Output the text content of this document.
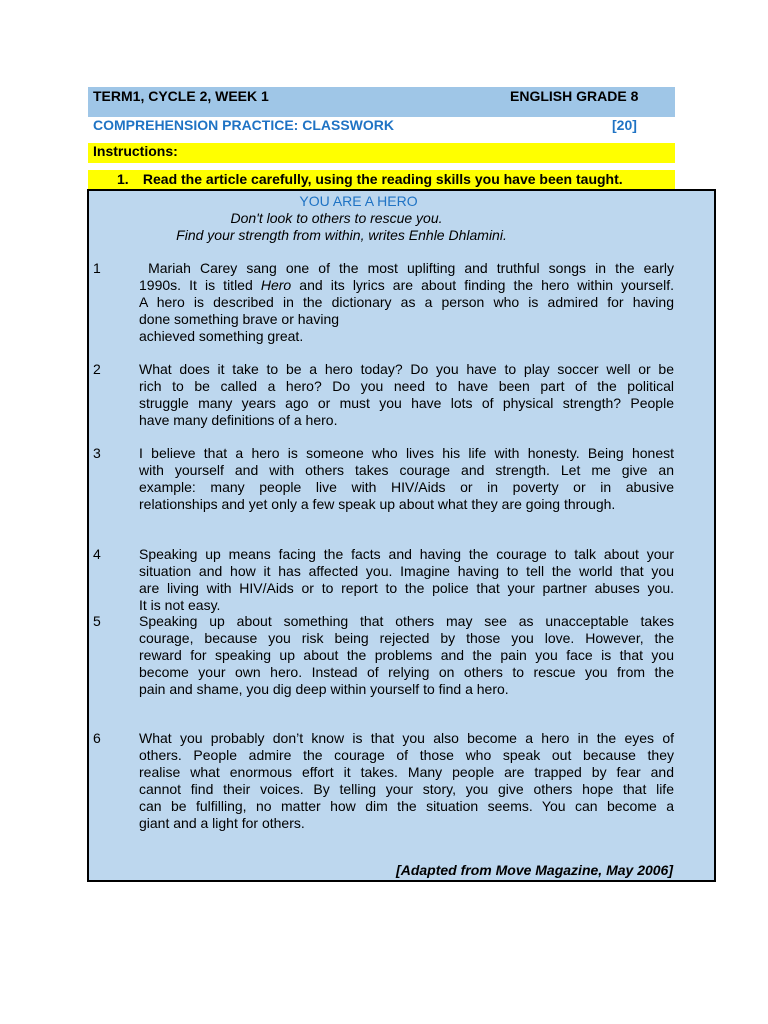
TERM1, CYCLE 2, WEEK 1	ENGLISH GRADE 8
COMPREHENSION PRACTICE: CLASSWORK	[20]
Instructions:
1. Read the article carefully, using the reading skills you have been taught.
YOU ARE A HERO
Don't look to others to rescue you.
Find your strength from within, writes Enhle Dhlamini.
1	Mariah Carey sang one of the most uplifting and truthful songs in the early
1990s. It is titled Hero and its lyrics are about finding the hero within yourself.
A hero is described in the dictionary as a person who is admired for having
done something brave or having
achieved something great.
2	What does it take to be a hero today? Do you have to play soccer well or be
rich to be called a hero? Do you need to have been part of the political
struggle many years ago or must you have lots of physical strength? People
have many definitions of a hero.
3	I believe that a hero is someone who lives his life with honesty. Being honest
with yourself and with others takes courage and strength. Let me give an
example: many people live with HIV/Aids or in poverty or in abusive
relationships and yet only a few speak up about what they are going through.
4	Speaking up means facing the facts and having the courage to talk about your
situation and how it has affected you. Imagine having to tell the world that you
are living with HIV/Aids or to report to the police that your partner abuses you.
It is not easy.
5	Speaking up about something that others may see as unacceptable takes
courage, because you risk being rejected by those you love. However, the
reward for speaking up about the problems and the pain you face is that you
become your own hero. Instead of relying on others to rescue you from the
pain and shame, you dig deep within yourself to find a hero.
6	What you probably don’t know is that you also become a hero in the eyes of
others. People admire the courage of those who speak out because they
realise what enormous effort it takes. Many people are trapped by fear and
cannot find their voices. By telling your story, you give others hope that life
can be fulfilling, no matter how dim the situation seems. You can become a
giant and a light for others.
[Adapted from Move Magazine, May 2006]
